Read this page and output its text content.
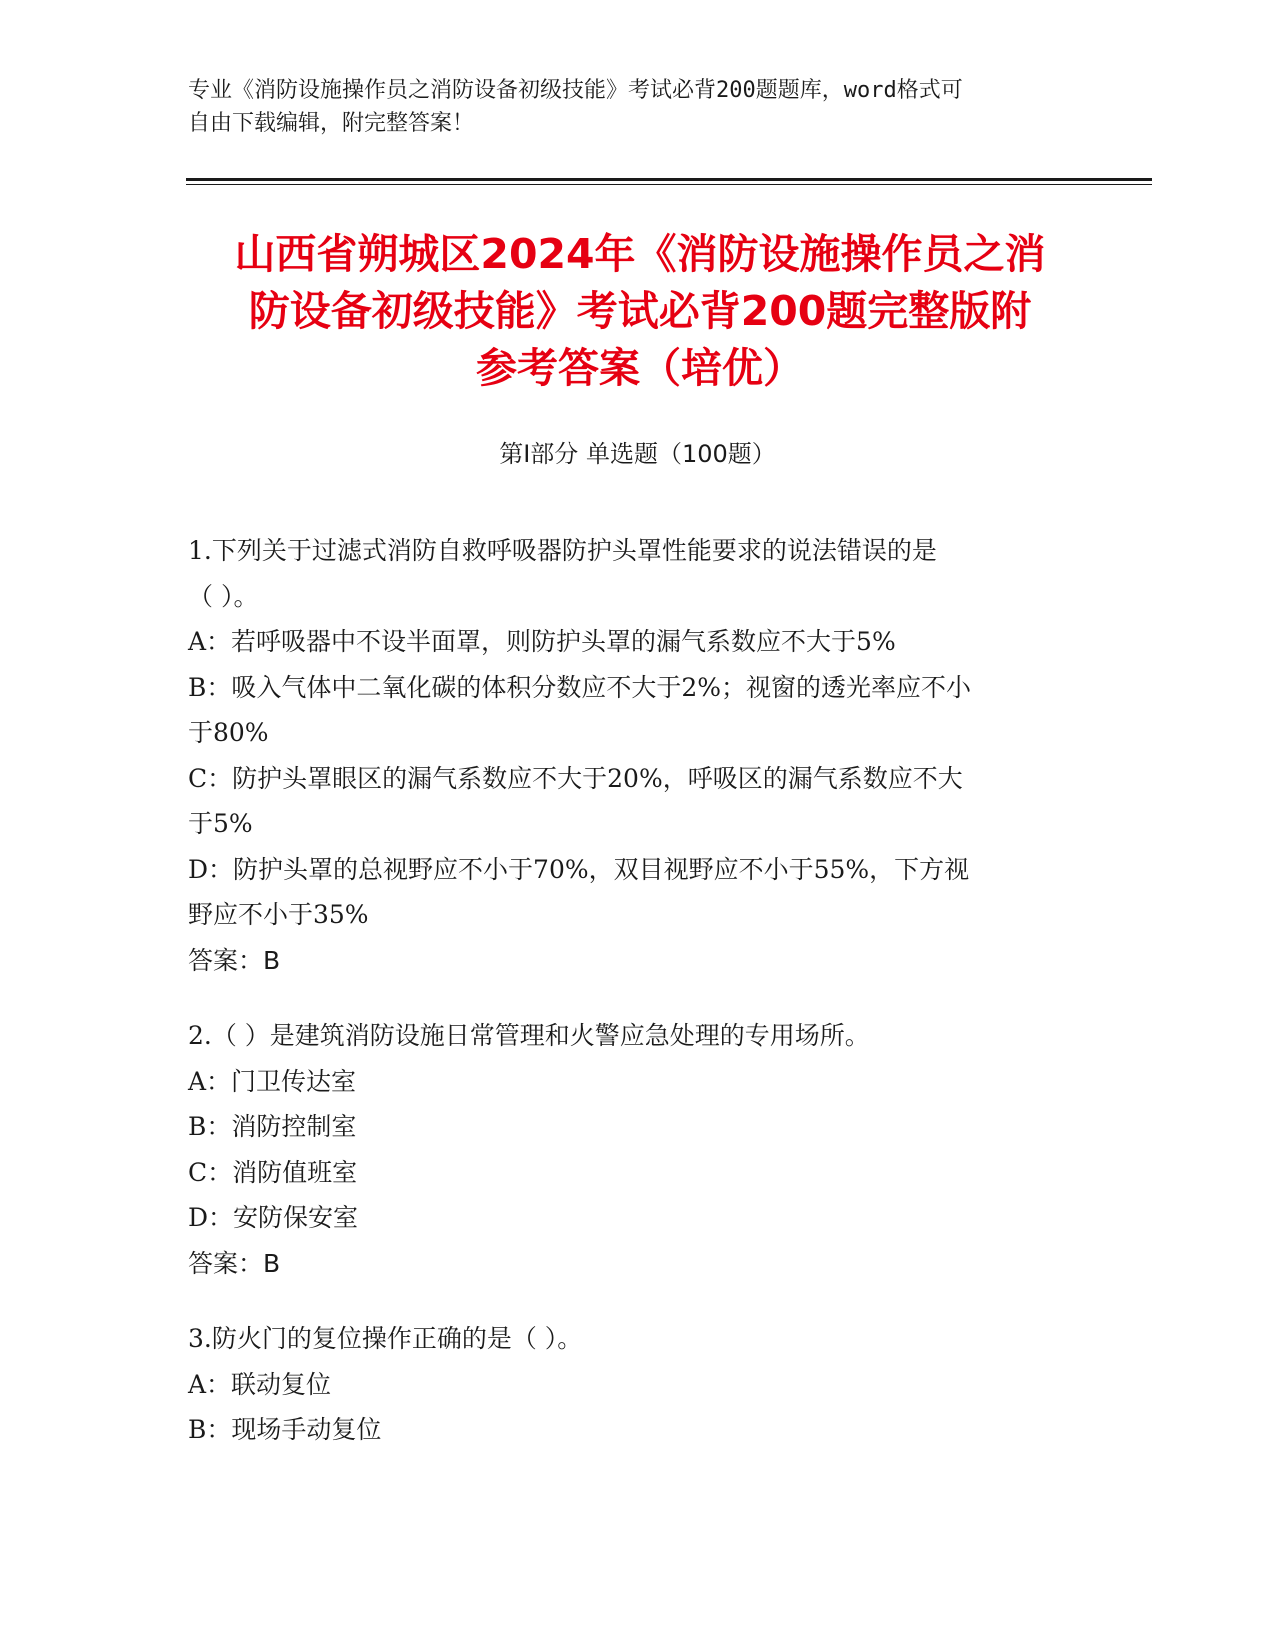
专业《消防设施操作员之消防设备初级技能》考试必背200题题库，word格式可
自由下载编辑，附完整答案！
山西省朔城区2024年《消防设施操作员之消
防设备初级技能》考试必背200题完整版附
参考答案（培优）
第Ⅰ部分 单选题（100题）
1.下列关于过滤式消防自救呼吸器防护头罩性能要求的说法错误的是
（ ）。
A：若呼吸器中不设半面罩，则防护头罩的漏气系数应不大于5%
B：吸入气体中二氧化碳的体积分数应不大于2%；视窗的透光率应不小
于80%
C：防护头罩眼区的漏气系数应不大于20%，呼吸区的漏气系数应不大
于5%
D：防护头罩的总视野应不小于70%，双目视野应不小于55%，下方视
野应不小于35%
答案：B
2.（ ）是建筑消防设施日常管理和火警应急处理的专用场所。
A：门卫传达室
B：消防控制室
C：消防值班室
D：安防保安室
答案：B
3.防火门的复位操作正确的是（ ）。
A：联动复位
B：现场手动复位
